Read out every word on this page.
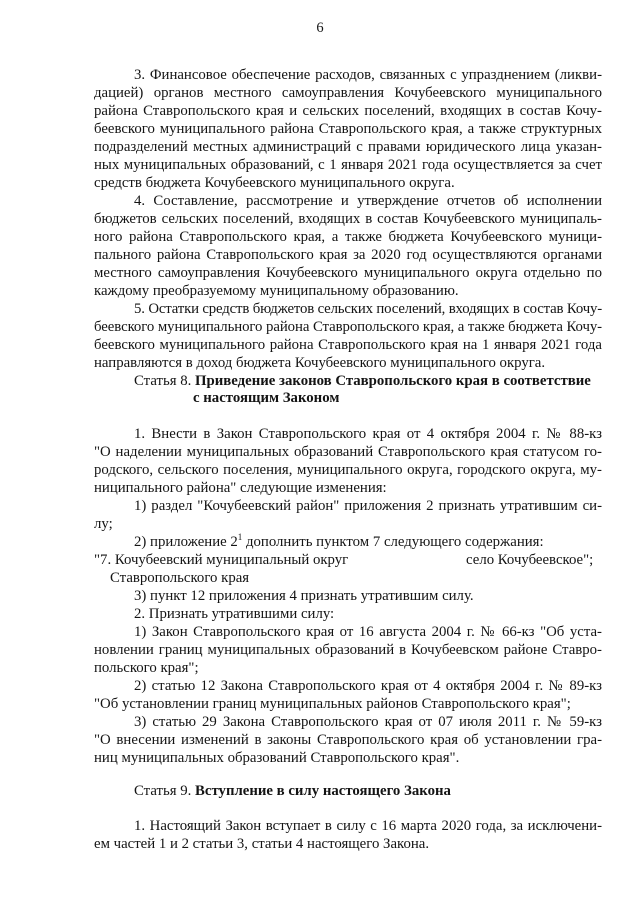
6
3. Финансовое обеспечение расходов, связанных с упразднением (ликви-
дацией) органов местного самоуправления Кочубеевского муниципального
района Ставропольского края и сельских поселений, входящих в состав Кочу-
беевского муниципального района Ставропольского края, а также структурных
подразделений местных администраций с правами юридического лица указан-
ных муниципальных образований, с 1 января 2021 года осуществляется за счет
средств бюджета Кочубеевского муниципального округа.
4. Составление, рассмотрение и утверждение отчетов об исполнении
бюджетов сельских поселений, входящих в состав Кочубеевского муниципаль-
ного района Ставропольского края, а также бюджета Кочубеевского муници-
пального района Ставропольского края за 2020 год осуществляются органами
местного самоуправления Кочубеевского муниципального округа отдельно по
каждому преобразуемому муниципальному образованию.
5. Остатки средств бюджетов сельских поселений, входящих в состав Кочу-
беевского муниципального района Ставропольского края, а также бюджета Кочу-
беевского муниципального района Ставропольского края на 1 января 2021 года
направляются в доход бюджета Кочубеевского муниципального округа.
Статья 8. Приведение законов Ставропольского края в соответствие
с настоящим Законом
1. Внести в Закон Ставропольского края от 4 октября 2004 г. № 88-кз
"О наделении муниципальных образований Ставропольского края статусом го-
родского, сельского поселения, муниципального округа, городского округа, му-
ниципального района" следующие изменения:
1) раздел "Кочубеевский район" приложения 2 признать утратившим си-
лу;
2) приложение $2^1$ дополнить пунктом 7 следующего содержания:
"7. Кочубеевский муниципальный округ	село Кочубеевское";
Ставропольского края
3) пункт 12 приложения 4 признать утратившим силу.
2. Признать утратившими силу:
1) Закон Ставропольского края от 16 августа 2004 г. № 66-кз "Об уста-
новлении границ муниципальных образований в Кочубеевском районе Ставро-
польского края";
2) статью 12 Закона Ставропольского края от 4 октября 2004 г. № 89-кз
"Об установлении границ муниципальных районов Ставропольского края";
3) статью 29 Закона Ставропольского края от 07 июля 2011 г. № 59-кз
"О внесении изменений в законы Ставропольского края об установлении гра-
ниц муниципальных образований Ставропольского края".
Статья 9. Вступление в силу настоящего Закона
1. Настоящий Закон вступает в силу с 16 марта 2020 года, за исключени-
ем частей 1 и 2 статьи 3, статьи 4 настоящего Закона.
